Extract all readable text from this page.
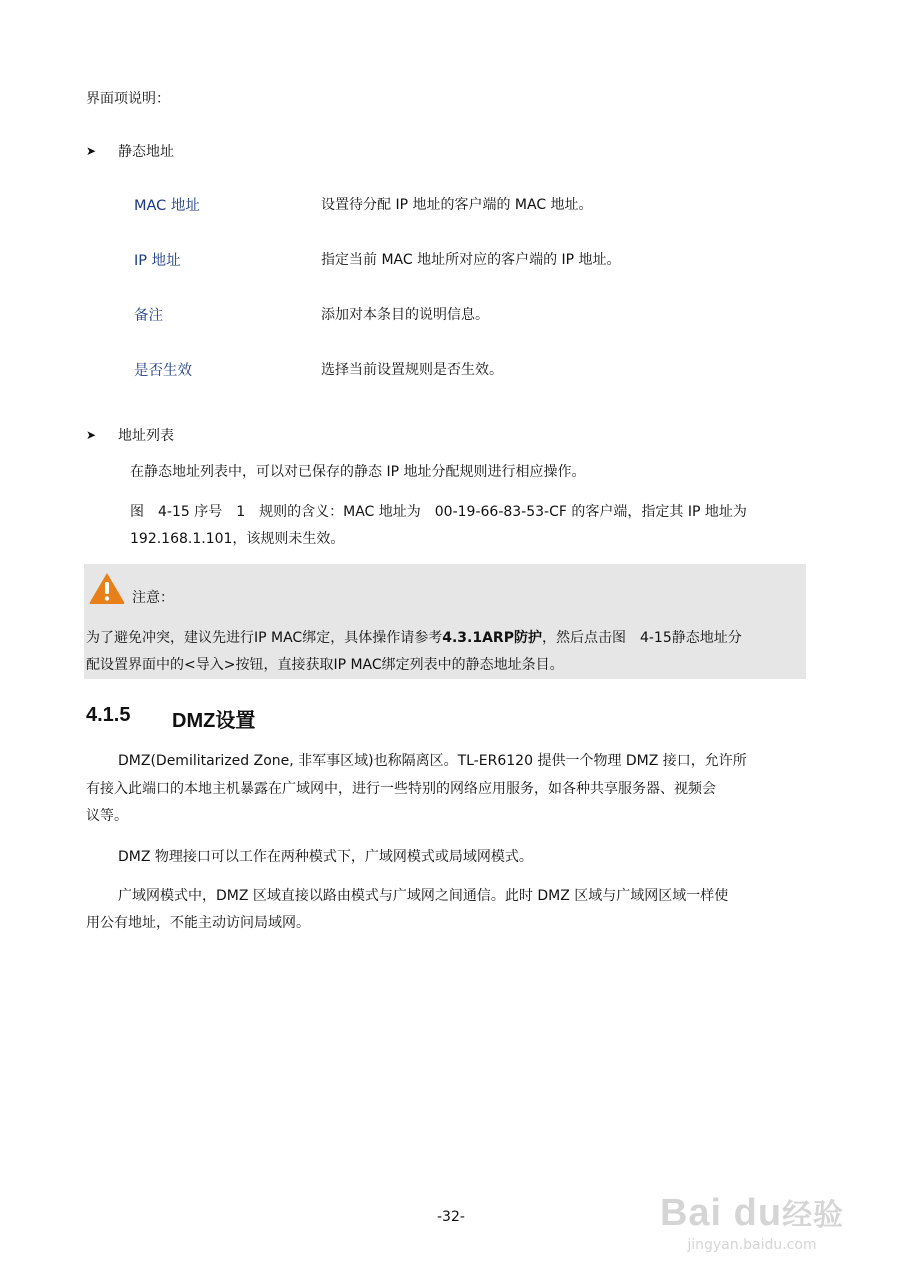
界面项说明：
➤ 静态地址
MAC 地址	设置待分配 IP 地址的客户端的 MAC 地址。
IP 地址	指定当前 MAC 地址所对应的客户端的 IP 地址。
备注	添加对本条目的说明信息。
是否生效	选择当前设置规则是否生效。
➤ 地址列表
在静态地址列表中，可以对已保存的静态 IP 地址分配规则进行相应操作。
图　4-15 序号　1　规则的含义：MAC 地址为　00-19-66-83-53-CF 的客户端，指定其 IP 地址为
192.168.1.101，该规则未生效。
注意：
为了避免冲突，建议先进行IP MAC绑定，具体操作请参考4.3.1ARP防护，然后点击图　4-15静态地址分
配设置界面中的<导入>按钮，直接获取IP MAC绑定列表中的静态地址条目。
4.1.5 DMZ设置
DMZ(Demilitarized Zone, 非军事区域)也称隔离区。TL-ER6120 提供一个物理 DMZ 接口，允许所
有接入此端口的本地主机暴露在广域网中，进行一些特别的网络应用服务，如各种共享服务器、视频会
议等。
DMZ 物理接口可以工作在两种模式下，广域网模式或局域网模式。
广域网模式中，DMZ 区域直接以路由模式与广域网之间通信。此时 DMZ 区域与广域网区域一样使
用公有地址，不能主动访问局域网。
-32-	Bai du经验
jingyan.baidu.com
